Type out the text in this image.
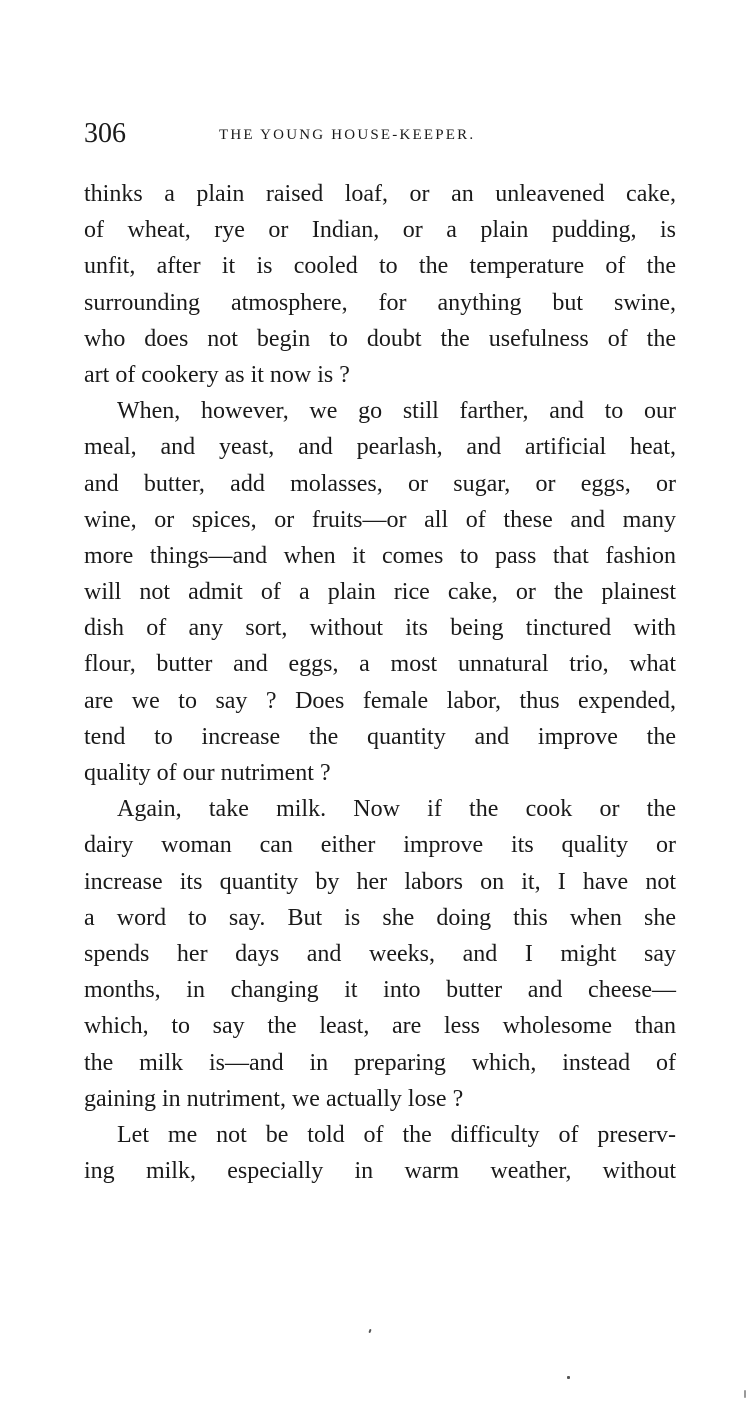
306	THE YOUNG HOUSE-KEEPER.
thinks a plain raised loaf, or an unleavened cake,
of wheat, rye or Indian, or a plain pudding, is
unfit, after it is cooled to the temperature of the
surrounding atmosphere, for anything but swine,
who does not begin to doubt the usefulness of the
art of cookery as it now is ?
When, however, we go still farther, and to our
meal, and yeast, and pearlash, and artificial heat,
and butter, add molasses, or sugar, or eggs, or
wine, or spices, or fruits—or all of these and many
more things—and when it comes to pass that fashion
will not admit of a plain rice cake, or the plainest
dish of any sort, without its being tinctured with
flour, butter and eggs, a most unnatural trio, what
are we to say ? Does female labor, thus expended,
tend to increase the quantity and improve the
quality of our nutriment ?
Again, take milk. Now if the cook or the
dairy woman can either improve its quality or
increase its quantity by her labors on it, I have not
a word to say. But is she doing this when she
spends her days and weeks, and I might say
months, in changing it into butter and cheese—
which, to say the least, are less wholesome than
the milk is—and in preparing which, instead of
gaining in nutriment, we actually lose ?
Let me not be told of the difficulty of preserv-
ing milk, especially in warm weather, without
